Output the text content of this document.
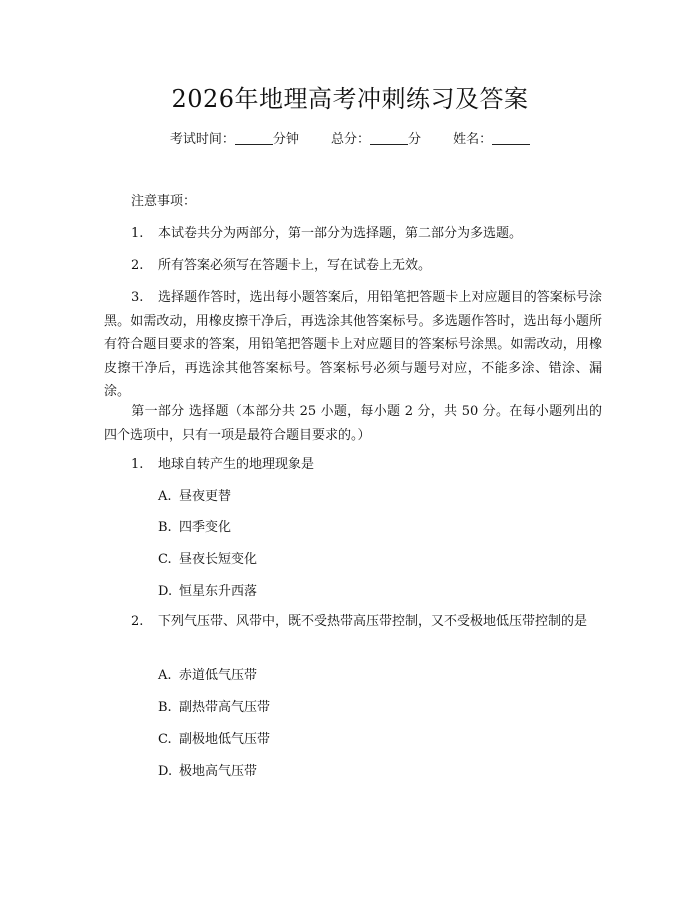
2026年地理高考冲刺练习及答案
考试时间：	分钟 总分：	分 姓名：
注意事项：
1. 本试卷共分为两部分，第一部分为选择题，第二部分为多选题。
2. 所有答案必须写在答题卡上，写在试卷上无效。
3. 选择题作答时，选出每小题答案后，用铅笔把答题卡上对应题目的答案标号涂黑。如需改动，用橡皮擦干净后，再选涂其他答案标号。多选题作答时，选出每小题所有符合题目要求的答案，用铅笔把答题卡上对应题目的答案标号涂黑。如需改动，用橡皮擦干净后，再选涂其他答案标号。答案标号必须与题号对应，不能多涂、错涂、漏涂。
第一部分 选择题（本部分共 25 小题，每小题 2 分，共 50 分。在每小题列出的四个选项中，只有一项是最符合题目要求的。）
1. 地球自转产生的地理现象是
A. 昼夜更替
B. 四季变化
C. 昼夜长短变化
D. 恒星东升西落
2. 下列气压带、风带中，既不受热带高压带控制，又不受极地低压带控制的是
A. 赤道低气压带
B. 副热带高气压带
C. 副极地低气压带
D. 极地高气压带
